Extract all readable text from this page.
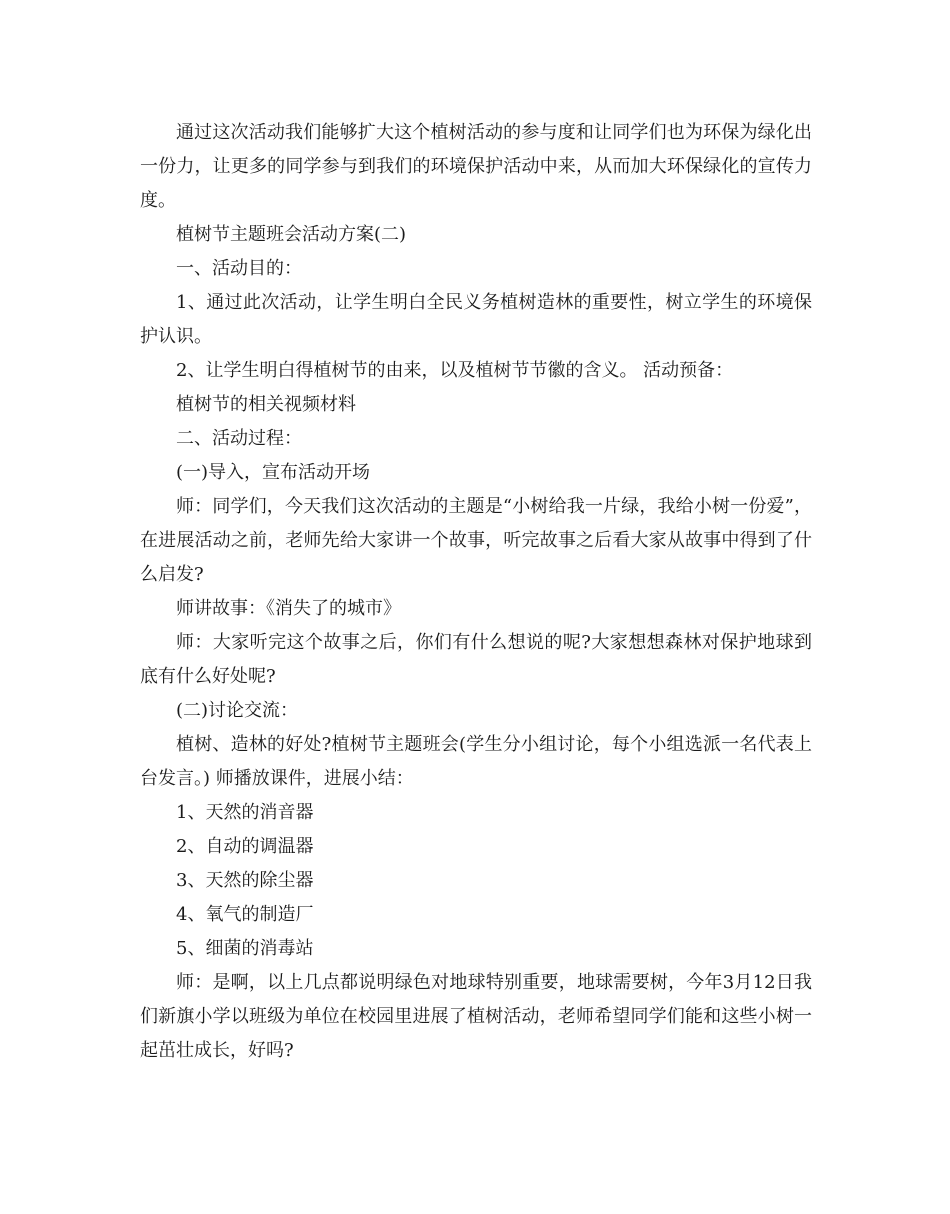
通过这次活动我们能够扩大这个植树活动的参与度和让同学们也为环保为绿化出一份力，让更多的同学参与到我们的环境保护活动中来，从而加大环保绿化的宣传力度。

植树节主题班会活动方案(二)

一、活动目的：

1、通过此次活动，让学生明白全民义务植树造林的重要性，树立学生的环境保护认识。

2、让学生明白得植树节的由来，以及植树节节徽的含义。 活动预备：

植树节的相关视频材料

二、活动过程：

(一)导入，宣布活动开场

师：同学们，今天我们这次活动的主题是“小树给我一片绿，我给小树一份爱”，在进展活动之前，老师先给大家讲一个故事，听完故事之后看大家从故事中得到了什么启发?

师讲故事：《消失了的城市》

师：大家听完这个故事之后，你们有什么想说的呢?大家想想森林对保护地球到底有什么好处呢?

(二)讨论交流：

植树、造林的好处?植树节主题班会(学生分小组讨论，每个小组选派一名代表上台发言。) 师播放课件，进展小结：

1、天然的消音器

2、自动的调温器

3、天然的除尘器

4、氧气的制造厂

5、细菌的消毒站

师：是啊，以上几点都说明绿色对地球特别重要，地球需要树，今年3月12日我们新旗小学以班级为单位在校园里进展了植树活动，老师希望同学们能和这些小树一起茁壮成长，好吗?
